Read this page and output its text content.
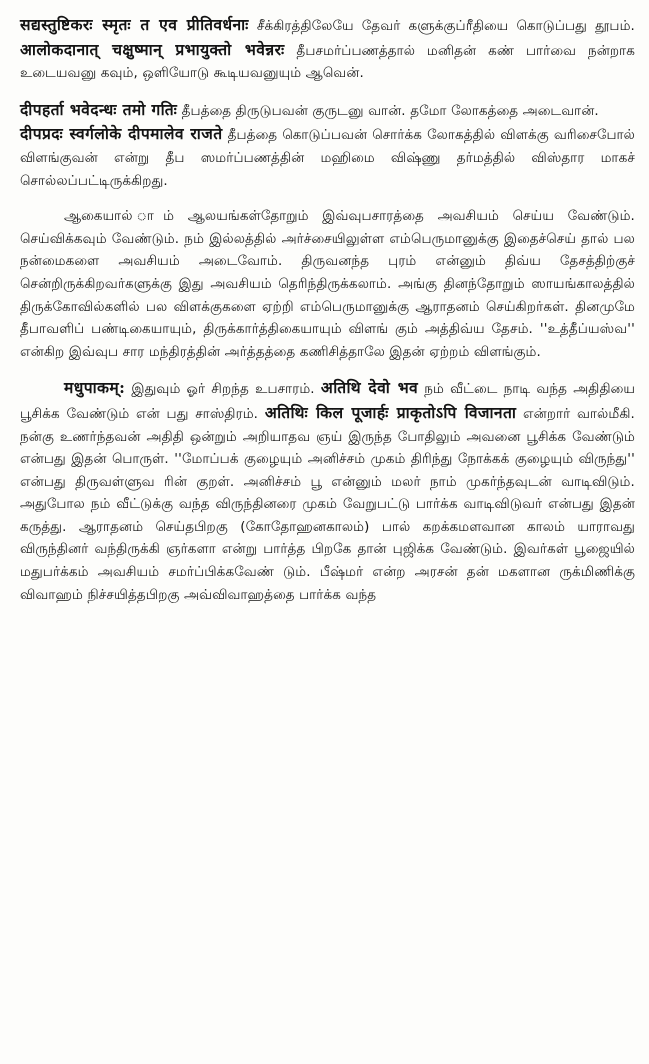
सद्यस्तुष्टिकरः स्मृतः त एव प्रीतिवर्धनाः சீக்கிரத்திலேயே தேவர் களுக்குப்ரீதியை கொடுப்பது தூபம். आलोकदानात् चक्षुष्मान् प्रभायुक्तो भवेन्नरः தீபசமர்ப்பணத்தால் மனிதன் கண் பார்வை நன்றாக உடையவனு கவும், ஒளியோடு கூடியவனுயும் ஆவென்.

दीपहर्ता भवेदन्धः तमो गतिः தீபத்தை திருடுபவன் குருடனு வான். தமோ லோகத்தை அடைவான்.

दीपप्रदः स्वर्गलोके दीपमालेव राजते தீபத்தை கொடுப்பவன் சொர்க்க லோகத்தில் விளக்கு வரிசைபோல் விளங்குவன் என்று தீப ஸமர்ப்பணத்தின் மஹிமை விஷ்ணு தர்மத்தில் விஸ்தார மாகச் சொல்லப்பட்டிருக்கிறது.

ஆகையால் ாம் ஆலயங்கள்தோறும் இவ்வுபசாரத்தை அவசியம் செய்ய வேண்டும். செய்விக்கவும் வேண்டும். நம் இல்லத்தில் அர்ச்சையிலுள்ள எம்பெருமானுக்கு இதைச்செய் தால் பல நன்மைகளை அவசியம் அடைவோம். திருவனந்த புரம் என்னும் திவ்ய தேசத்திற்குச் சென்றிருக்கிறவர்களுக்கு இது அவசியம் தெரிந்திருக்கலாம். அங்கு தினந்தோறும் ஸாயங்காலத்தில் திருக்கோவில்களில் பல விளக்குகளை ஏற்றி எம்பெருமானுக்கு ஆராதனம் செய்கிறர்கள். தினமுமே தீபாவளிப் பண்டிகையாயும், திருக்கார்த்திகையாயும் விளங் கும் அத்திவ்ய தேசம். ''உத்தீப்யஸ்வ'' என்கிற இவ்வுப சார மந்திரத்தின் அர்த்தத்தை கணிசித்தாலே இதன் ஏற்றம் விளங்கும்.

मधुपाकम्: இதுவும் ஓர் சிறந்த உபசாரம். अतिथि देवो भव நம் வீட்டை நாடி வந்த அதிதியை பூசிக்க வேண்டும் என் பது சாஸ்திரம். अतिथिः किल पूजार्हः प्राकृतोऽपि विजानता என்றார் வால்மீகி. நன்கு உணர்ந்தவன் அதிதி ஒன்றும் அறியாதவ ஞய் இருந்த போதிலும் அவனை பூசிக்க வேண்டும் என்பது இதன் பொருள். ''மோப்பக் குழையும் அனிச்சம் முகம் திரிந்து நோக்கக் குழையும் விருந்து'' என்பது திருவள்ளுவ ரின் குறள். அனிச்சம் பூ என்னும் மலர் நாம் முகர்ந்தவுடன் வாடிவிடும். அதுபோல நம் வீட்டுக்கு வந்த விருந்தினரை முகம் வேறுபட்டு பார்க்க வாடிவிடுவர் என்பது இதன் கருத்து. ஆராதனம் செய்தபிறகு (கோதோஹனகாலம்) பால் கறக்கமளவான காலம் யாராவது விருந்தினர் வந்திருக்கி ஞர்களா என்று பார்த்த பிறகே தான் புஜிக்க வேண்டும். இவர்கள் பூஜையில் மதுபர்க்கம் அவசியம் சமர்ப்பிக்கவேண் டும். பீஷ்மர் என்ற அரசன் தன் மகளான ருக்மிணிக்கு விவாஹம் நிச்சயித்தபிறகு அவ்விவாஹத்தை பார்க்க வந்த
